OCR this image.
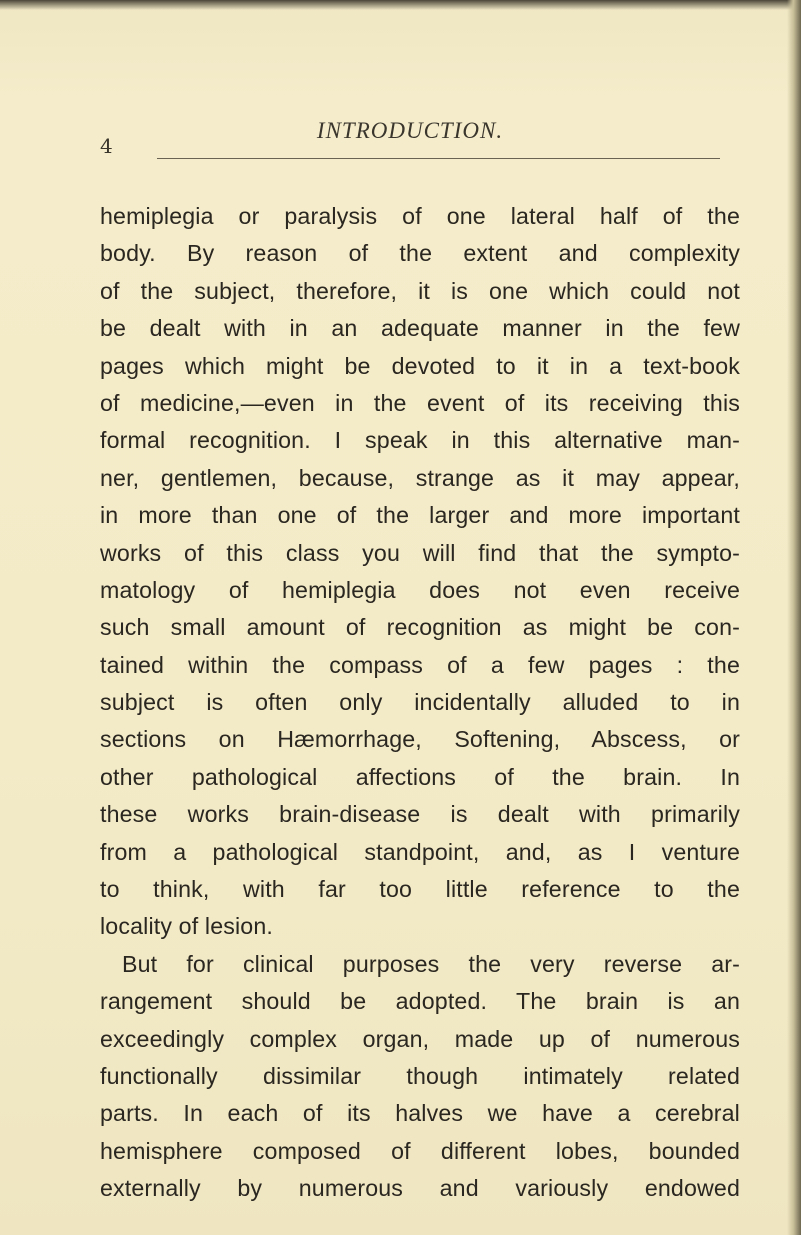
4
INTRODUCTION.
hemiplegia or paralysis of one lateral half of the
body. By reason of the extent and complexity
of the subject, therefore, it is one which could not
be dealt with in an adequate manner in the few
pages which might be devoted to it in a text-book
of medicine,—even in the event of its receiving this
formal recognition. I speak in this alternative man-
ner, gentlemen, because, strange as it may appear,
in more than one of the larger and more important
works of this class you will find that the sympto-
matology of hemiplegia does not even receive
such small amount of recognition as might be con-
tained within the compass of a few pages : the
subject is often only incidentally alluded to in
sections on Hæmorrhage, Softening, Abscess, or
other pathological affections of the brain. In
these works brain-disease is dealt with primarily
from a pathological standpoint, and, as I venture
to think, with far too little reference to the
locality of lesion.
But for clinical purposes the very reverse ar-
rangement should be adopted. The brain is an
exceedingly complex organ, made up of numerous
functionally dissimilar though intimately related
parts. In each of its halves we have a cerebral
hemisphere composed of different lobes, bounded
externally by numerous and variously endowed
